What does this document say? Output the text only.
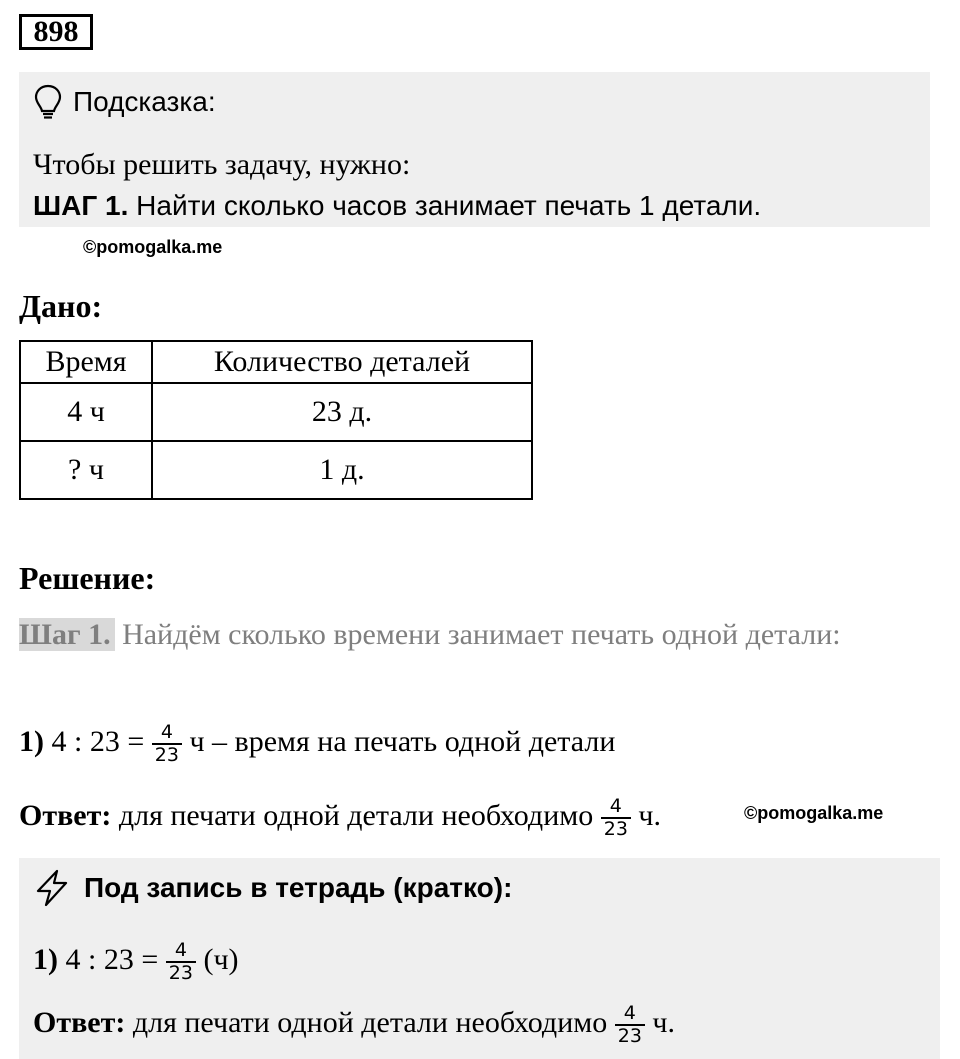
898
Подсказка:
Чтобы решить задачу, нужно:
ШАГ 1. Найти сколько часов занимает печать 1 детали.
©pomogalka.me
Дано:
Время	Количество деталей
4 ч	23 д.
? ч	1 д.
Решение:
Шаг 1. Найдём сколько времени занимает печать одной детали:
1) 4 : $23 = \frac{4}{23}$ ч – время на печать одной детали
Ответ: для печати одной детали необходимо $\frac{4}{23} ч$.	©pomogalka.me
Под запись в тетрадь (кратко):
1) 4 : $23 = \frac{4}{23} (ч)$
Ответ: для печати одной детали необходимо $\frac{4}{23} ч$.
